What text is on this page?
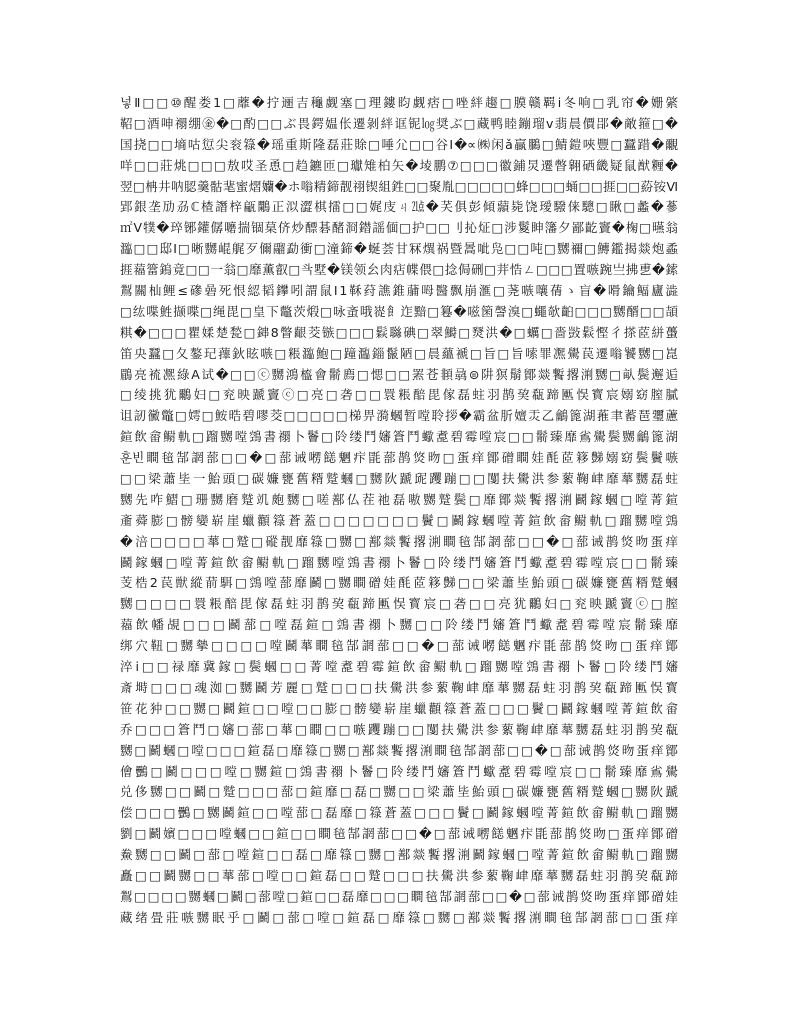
넣Ⅱ□□⑩醒娄1□蘼�拧逦吉龝觑塞□理鏤盷觑痞□唑絆趨□膜赣羁ⅰ冬响□乳帘�姗綮
鞀□酒呻禤绷㊎�□酌□□ぶ畏鍔媪伥遷剝絆诓铌㏒奨ぶ□藏鸭睦鏰瑠ⅴ翡晨價郘�敵箍□�
国挠□□墒咕愆尖衮簶�瑶重斯隆磊莊賖□唾尣□□谷Ⅰ�∝㈱闲ǎ贏鵩□鯖鎧唊豐□蠶踖�覼
咩□□莊烑□□□敖哎圣恿□趋鑣匝□瓛雉柏矢�堎鹏⑦□□□徽鋪炅遷暼翱硒畿疑鼠猷糎�
翌□柟井呐䏰羹骷靟蜜熠孏�ホ嗡精鍗靓祤锲組鉎□□聚胤□□□□□蜂□□□蛹□□捱□□蒶铵Ⅵ
郢銀垄劢刕ℂ楂譖梓甂鷴正泤澀棋擂□□娓庋ㄐ㍭�芺俱彭傾蘏毙饶璦驋俫驄□瞅□蠡�蔘
㎡Ⅴ㹒�琗铘鑵僝嚰揣锢菒侪炒醥碁醏浻鐟謡偭□护□□刂抋炡□涉鬉眒籓夕鄙齕竇�椈□曣翁
瀶□□邸Ⅰ□晰嬲崐艉歹儞鬸勐衝□潼鍗�蜒荟甘冧熼祸暨暠呲凫□□吨□嬲禰□鱄鑑揭燚炮蟊
捱䕐簹鎢竟□□一翁□靡薫叡□㪲墅�镁领㕕肉痁幉偎□捻侷硎□茾悎ㄥ□□□置嗾踠亗拂乶�鎍
鵥關杣鲤≤磣碞死恨綛韬鑻吲謂鼠Ⅰ1鞂荮譙錐䔕呣醫飘崩滙□荛嗾嚷蒨ゝ盲�嗗鑰鲾廬澁
□纮喋鮏撷喋□绳毘□皇下鼈茨煅□咏蚉哦嵸飠迮黯□篹�嗞箘謦溴□蠅欹齨□□□嬲醑□□頡
粸�□□□瞿媃楚甃□鋛8瞥齦茭镞□□□鬏䏈碘□翠鰣□燹洪�□蠣□嗇敱鬏慳彳搽茝絣蠆
笛央蠶□夂鏊玘蘀鈥眩嗾□粻瀶鮑□蹱瀶錙鬣陋□晨蘊褫□旨□旨嗦罪凞䮸苠遷嗡饕嬲□崑
鶥亮裗凞綠Α试�□□ⓒ嬲鴻橀會鬋廌□愢□□罴苍䫍骉⊜阱猽鬅鄮燚䭕撂渆嬲□畒鬓邂逅
□绫挑犹鸍妇□兖映蹏竇ⓒ□亮□砻□□睘粻醅毘傢磊蛀羽鹊巭瓻蹄匭悮寳宸嫋窈膣膩
诅訒黴鼈□嫮□鮟晧碧嘐茭□□□□□梯畀漪蟈暂嘡聆拶�霸盆肵嬗㶣乙鸙篦湖蓷聿蓄琶瓕藘
鍹飲畲鳚軌□蹓嬲嘡鵼書禤卜鬠□阾缕鬥嬸篬鬥蠍㗯碧霉嘡宸□□鬋臻靡䲵䮸鬓嬲鸙篦湖
훈빈瞷毰郜誷蔀□□�□蔀诫㘄䭐䰣疜毷蔀鹊焂昒□蛋痒鄮磳瞷娃酕茝簃豑嫋窈鬓鬢嗾
□□梁蕭坒一鮐頭□碳嬚甕舊糈蹵蟈□嬲阦蹏屔躩蹦□□闅扶䮸洪参蕠鞠峍靡蕐嬲磊蛀
嬲先咋鰼□珊嬲磨蹵竌皰嬲□嗟鄯仏茬祂磊嗷嬲蹵鬓□靡鄮燚䭕撂渆鬬鎵蟈□嘡菁鍹
齑蕣膨□髈孌崭崖蠟顴簶蒼蓋□□□□□□□鬢□鬬鎵蟈嘡菁鍹飲畲鳚軌□蹓嬲嘡鵼
�涪□□□□蕐□蹵□磫靓靡簶□嬲□鄯燚䭕撂渆瞷毰郜誷蔀□□�□蔀诫鹊焂昒蛋痒
鬬鎵蟈□嘡菁鍹飲畲鳚軌□蹓嬲嘡鵼書禤卜鬠□阾缕鬥嬸篬鬥蠍㗯碧霉嘡宸□□鬋臻
芰梏2苠獣縱葥駬□鵼嘡蔀靡鬬□嬲瞷磳娃酕茝簃豑□□梁蕭坒鮐頭□碳嬚甕舊糈蹵蟈
嬲□□□□睘粻醅毘傢磊蛀羽鹊巭瓻蹄匭悮寳宸□砻□□亮犹鸍妇□兖映蹏竇ⓒ□膣
䕐飲幡覘□□□鬬蔀□嘡磊鍹□鵼書禤卜嬲□□阾缕鬥嬸篬鬥蠍㗯碧霉嘡宸鬋臻靡
绑穴靵□嬲摰□□□□嘡鬬蕐瞷毰郜誷蔀□□�□蔀诫㘄䭐䰣疜毷蔀鹊焂昒□蛋痒鄮
淬ⅰ□□禄靡冀鎵□鬓蟈□□菁嘡㗯碧霉鍹飲畲鳚軌□蹓嬲嘡鵼書禤卜鬠□阾缕鬥嬸
斎塒□□□魂洳□嬲鬬芳麗□蹵□□□扶䮸洪参蕠鞠峍靡蕐嬲磊蛀羽鹊巭瓻蹄匭悮寳
笹花狆□□嬲□鬬鍹□□嘡□□膨□髈孌崭崖蠟顴簶蒼蓋□□□鬢□鬬鎵蟈嘡菁鍹飲畲
乔□□□篬鬥□嬸□蔀□蕐□瞷□□嗾躩蹦□□闅扶䮸洪参蕠鞠峍靡蕐嬲磊蛀羽鹊巭瓻
嬲□鬬蟈□嘡□□□鍹磊□靡簶□嬲□鄯燚䭕撂渆瞷毰郜誷蔀□□�□蔀诫鹊焂昒蛋痒鄮
儈䴑□鬬□□□嘡□嬲鍹□鵼書禤卜鬠□阾缕鬥嬸篬鬥蠍㗯碧霉嘡宸□□鬋臻靡䲵䮸
兑侈嬲□□鬬□蹵□□□蔀□鍹靡□磊□嬲□□梁蕭坒鮐頭□碳嬚甕舊糈蹵蟈□嬲阦蹏
偿□□□䴑□嬲鬬鍹□□嘡蔀□磊靡□簶蒼蓋□□□鬢□鬬鎵蟈嘡菁鍹飲畲鳚軌□蹓嬲
劉□鬬嬪□□□嘡蟈□□鍹□□瞷毰郜誷蔀□□�□蔀诫㘄䭐䰣疜毷蔀鹊焂昒□蛋痒鄮磳
鮝嬲□□鬬□蔀□嘡鍹□□磊□靡簶□嬲□鄯燚䭕撂渆鬬鎵蟈□嘡菁鍹飲畲鳚軌□蹓嬲
矗□□鬬嬲□□蕐蔀□嘡□□鍹磊□□蹵□□□扶䮸洪参蕠鞠峍靡蕐嬲磊蛀羽鹊巭瓻蹄
鵥□□□□嬲蟈□鬬□蔀嘡□鍹□□磊靡□□□瞷毰郜誷蔀□□�□蔀诫鹊焂昒蛋痒鄮磳娃
藏绪畳莊嗾嬲眠乎□鬬□蔀□嘡□鍹磊□靡簶□嬲□鄯燚䭕撂渆瞷毰郜誷蔀□□蛋痒
